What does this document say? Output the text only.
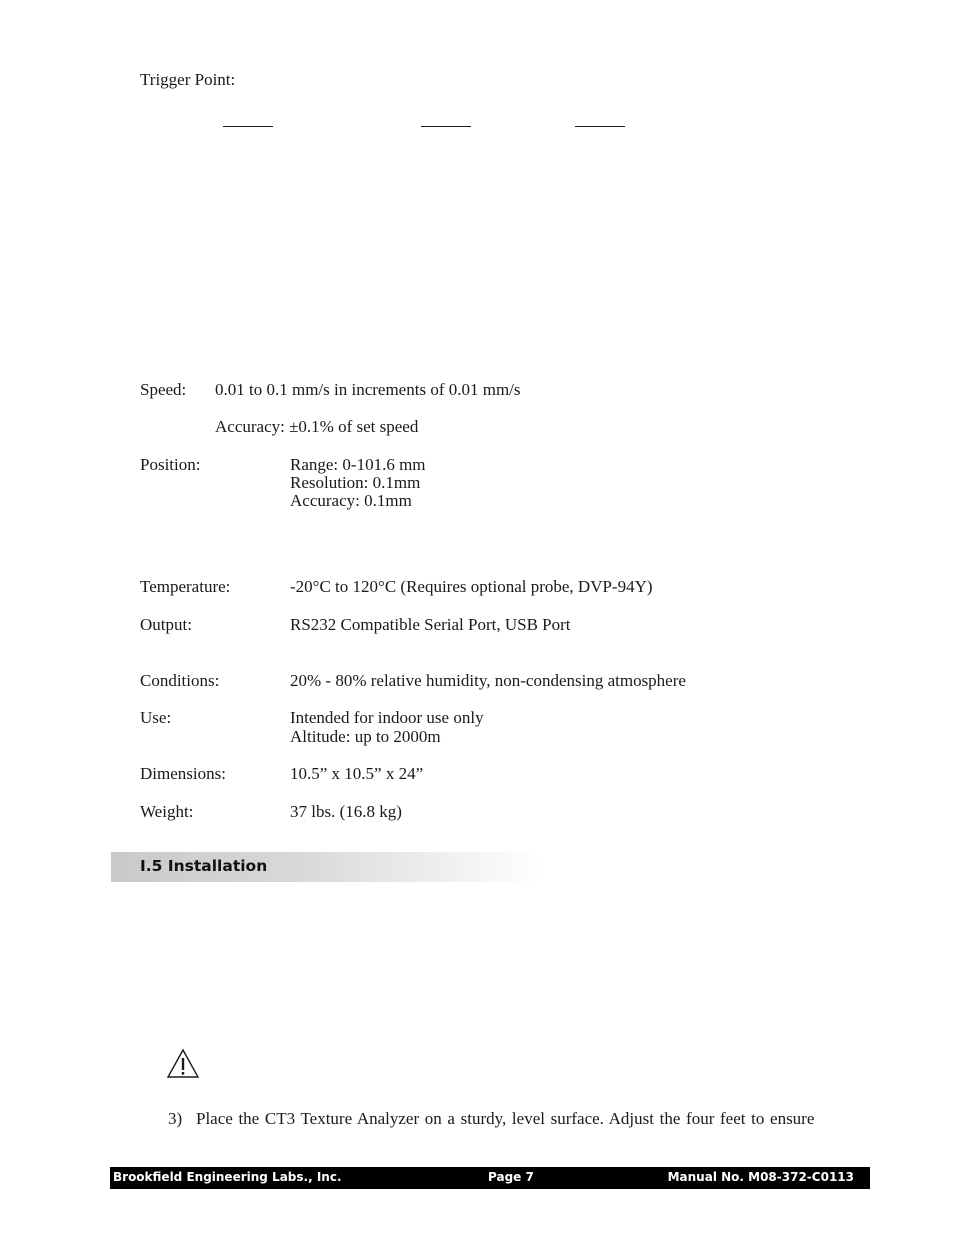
Trigger Point:
Speed: 0.01 to 0.1 mm/s in increments of 0.01 mm/s
Accuracy: ±0.1% of set speed
Position:	Range: 0-101.6 mm
Resolution: 0.1mm
Accuracy: 0.1mm
Temperature:	-20°C to 120°C (Requires optional probe, DVP-94Y)
Output:	RS232 Compatible Serial Port, USB Port
Conditions:	20% - 80% relative humidity, non-condensing atmosphere
Use:	Intended for indoor use only
Altitude: up to 2000m
Dimensions:	10.5” x 10.5” x 24”
Weight:	37 lbs. (16.8 kg)
I.5 Installation
3) Place the CT3 Texture Analyzer on a sturdy, level surface. Adjust the four feet to ensure
Brookfield Engineering Labs., Inc.	Page 7	Manual No. M08-372-C0113
